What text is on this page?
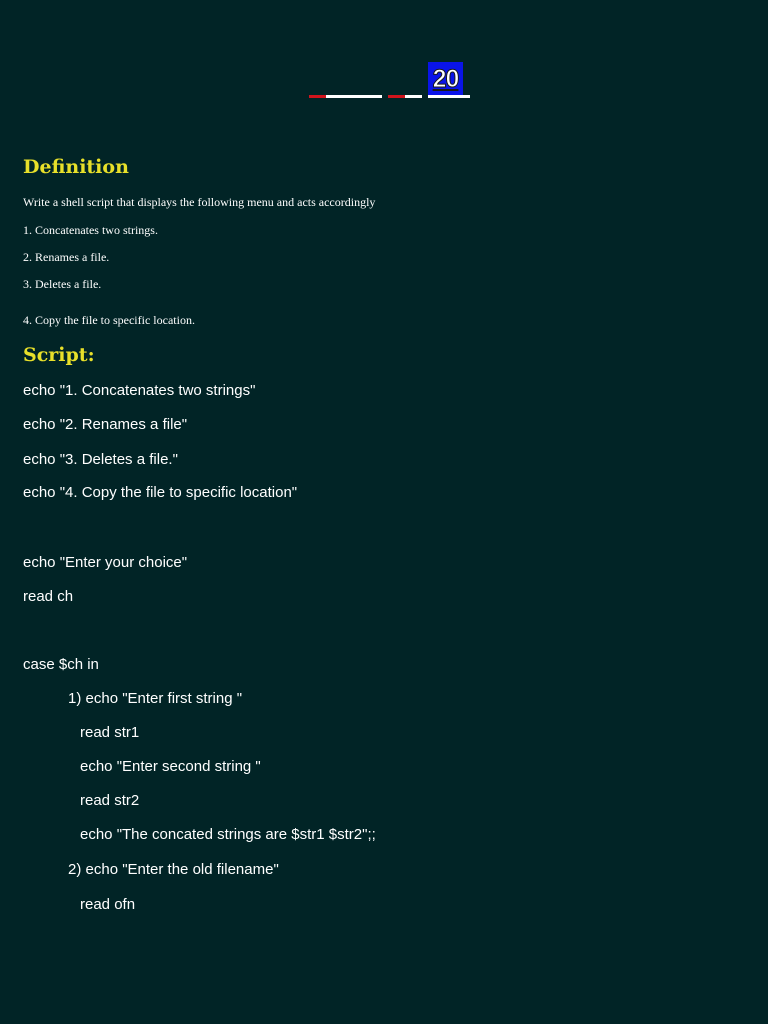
20
Definition
Write a shell script that displays the following menu and acts accordingly
1. Concatenates two strings.
2. Renames a file.
3. Deletes a file.
4. Copy the file to specific location.
Script:
echo "1. Concatenates two strings"
echo "2. Renames a file"
echo "3. Deletes a file."
echo "4. Copy the file to specific location"
echo "Enter your choice"
read ch
case $ch in
1) echo "Enter first string "
read str1
echo "Enter second string "
read str2
echo "The concated strings are $str1 $str2";;
2) echo "Enter the old filename"
read ofn
